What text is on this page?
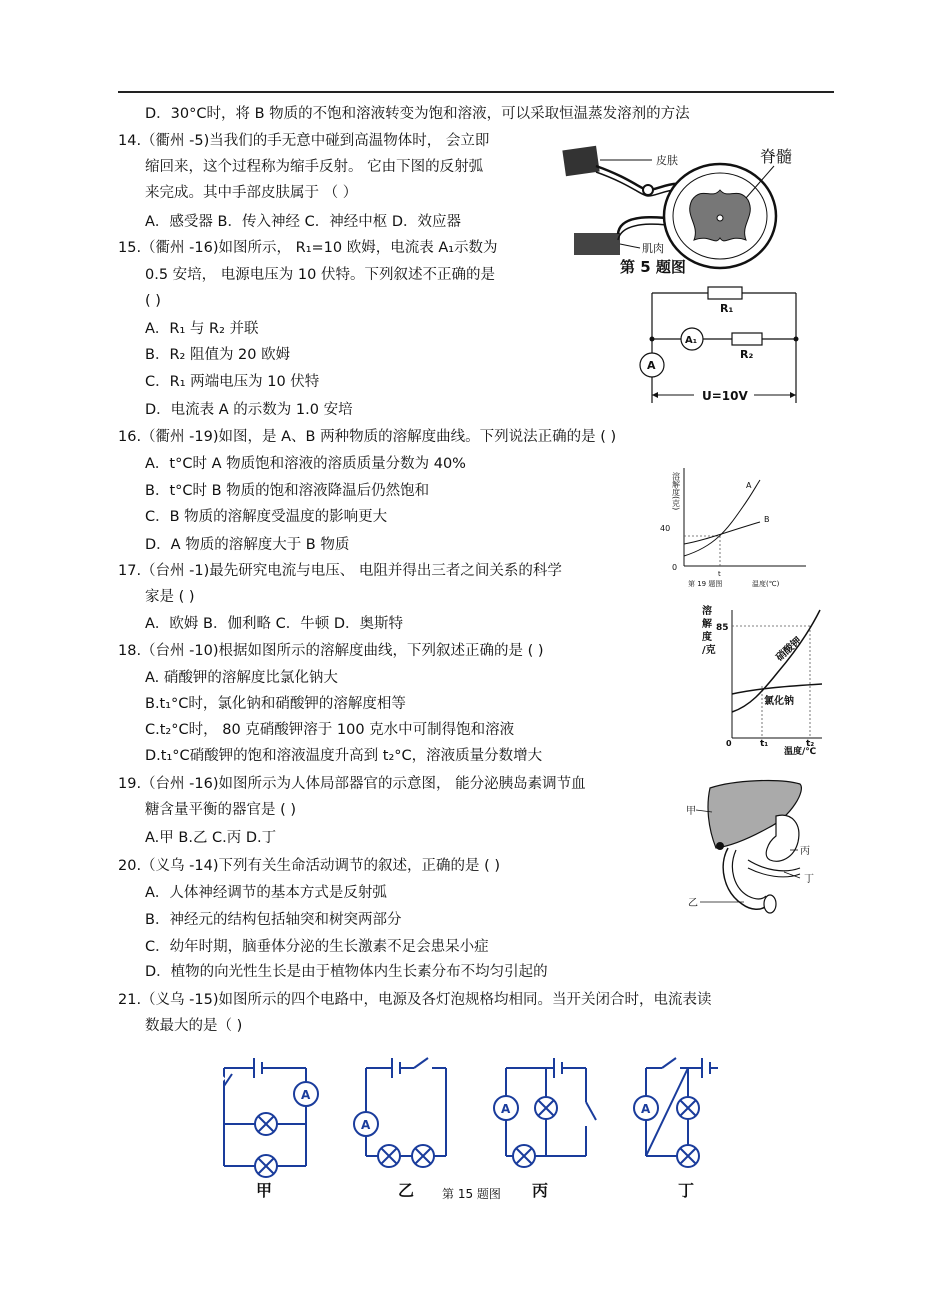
D．30°C时，将 B 物质的不饱和溶液转变为饱和溶液，可以采取恒温蒸发溶剂的方法
14.（衢州 -5)当我们的手无意中碰到高温物体时， 会立即
缩回来，这个过程称为缩手反射。 它由下图的反射弧
来完成。其中手部皮肤属于 （ ）
A．感受器 B．传入神经 C．神经中枢 D．效应器
15.（衢州 -16)如图所示， R₁=10 欧姆，电流表 A₁示数为
0.5 安培， 电源电压为 10 伏特。下列叙述不正确的是
( )
A．R₁ 与 R₂ 并联
B．R₂ 阻值为 20 欧姆
C．R₁ 两端电压为 10 伏特
D．电流表 A 的示数为 1.0 安培
16.（衢州 -19)如图，是 A、B 两种物质的溶解度曲线。下列说法正确的是 ( )
A．t°C时 A 物质饱和溶液的溶质质量分数为 40%
B．t°C时 B 物质的饱和溶液降温后仍然饱和
C．B 物质的溶解度受温度的影响更大
D．A 物质的溶解度大于 B 物质
17.（台州 -1)最先研究电流与电压、 电阻并得出三者之间关系的科学
家是 ( )
A．欧姆 B．伽利略 C．牛顿 D．奥斯特
18.（台州 -10)根据如图所示的溶解度曲线，下列叙述正确的是 ( )
A. 硝酸钾的溶解度比氯化钠大
B.t₁°C时，氯化钠和硝酸钾的溶解度相等
C.t₂°C时， 80 克硝酸钾溶于 100 克水中可制得饱和溶液
D.t₁°C硝酸钾的饱和溶液温度升高到 t₂°C，溶液质量分数增大
19.（台州 -16)如图所示为人体局部器官的示意图， 能分泌胰岛素调节血
糖含量平衡的器官是 ( )
A.甲 B.乙 C.丙 D.丁
20.（义乌 -14)下列有关生命活动调节的叙述，正确的是 ( )
A．人体神经调节的基本方式是反射弧
B．神经元的结构包括轴突和树突两部分
C．幼年时期，脑垂体分泌的生长激素不足会患呆小症
D．植物的向光性生长是由于植物体内生长素分布不均匀引起的
21.（义乌 -15)如图所示的四个电路中，电源及各灯泡规格均相同。当开关闭合时，电流表读
数最大的是（ )
皮肤	脊髓
肌肉
第 5 题图
R₁
A₁
R₂
A
U=10V
溶解度(克)
40
0
A
B
t
第 19 题图	温度(℃)
溶
解
度
/克
85
硝酸钾
氯化钠
0	t₁	t₂
温度/℃
甲
丙
丁
乙
A
甲
A
乙
A
丙
A
丁
第 15 题图
